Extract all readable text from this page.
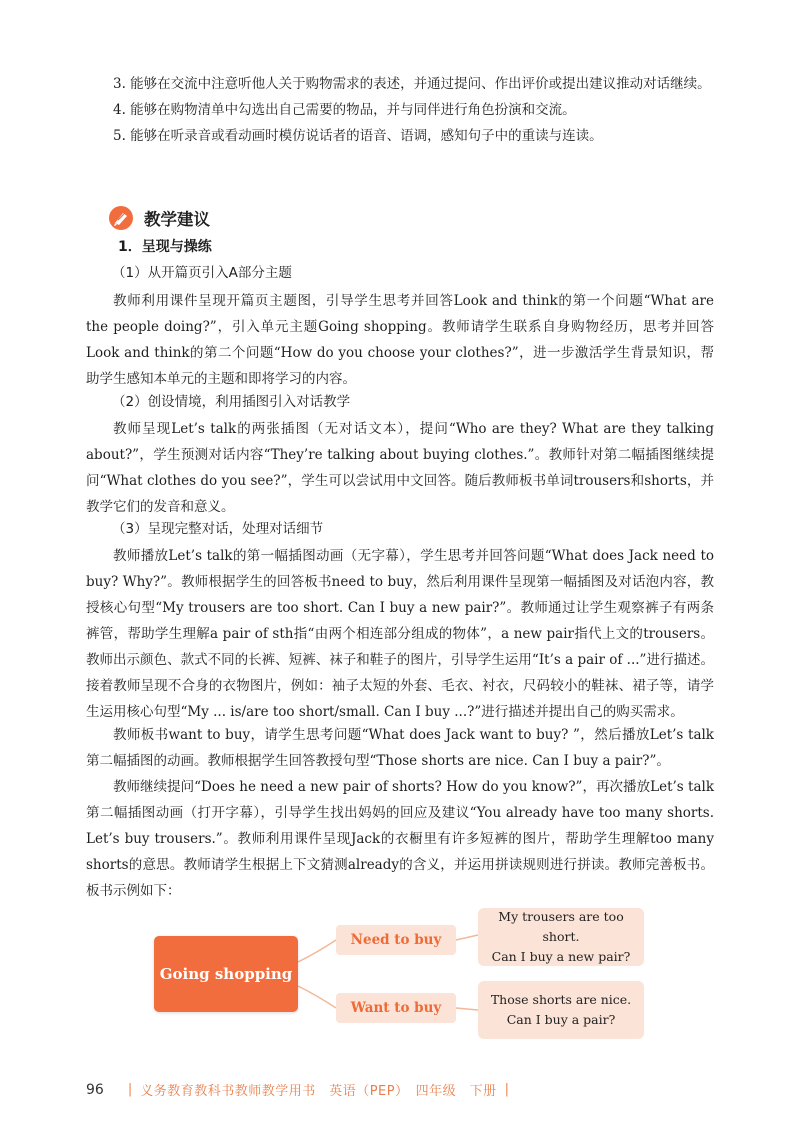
3. 能够在交流中注意听他人关于购物需求的表述，并通过提问、作出评价或提出建议推动对话继续。

4. 能够在购物清单中勾选出自己需要的物品，并与同伴进行角色扮演和交流。

5. 能够在听录音或看动画时模仿说话者的语音、语调，感知句子中的重读与连读。

教学建议
1．呈现与操练
（1）从开篇页引入A部分主题

教师利用课件呈现开篇页主题图，引导学生思考并回答Look and think的第一个问题“What are the people doing?”，引入单元主题Going shopping。教师请学生联系自身购物经历，思考并回答Look and think的第二个问题“How do you choose your clothes?”，进一步激活学生背景知识，帮助学生感知本单元的主题和即将学习的内容。

（2）创设情境，利用插图引入对话教学

教师呈现Let’s talk的两张插图（无对话文本），提问“Who are they? What are they talking about?”，学生预测对话内容“They’re talking about buying clothes.”。教师针对第二幅插图继续提问“What clothes do you see?”，学生可以尝试用中文回答。随后教师板书单词trousers和shorts，并教学它们的发音和意义。

（3）呈现完整对话，处理对话细节

教师播放Let’s talk的第一幅插图动画（无字幕），学生思考并回答问题“What does Jack need to buy? Why?”。教师根据学生的回答板书need to buy，然后利用课件呈现第一幅插图及对话泡内容，教授核心句型“My trousers are too short. Can I buy a new pair?”。教师通过让学生观察裤子有两条裤管，帮助学生理解a pair of sth指“由两个相连部分组成的物体”，a new pair指代上文的trousers。教师出示颜色、款式不同的长裤、短裤、袜子和鞋子的图片，引导学生运用“It’s a pair of ...”进行描述。接着教师呈现不合身的衣物图片，例如：袖子太短的外套、毛衣、衬衣，尺码较小的鞋袜、裙子等，请学生运用核心句型“My ... is/are too short/small. Can I buy ...?”进行描述并提出自己的购买需求。

教师板书want to buy，请学生思考问题“What does Jack want to buy? ”，然后播放Let’s talk第二幅插图的动画。教师根据学生回答教授句型“Those shorts are nice. Can I buy a pair?”。

教师继续提问“Does he need a new pair of shorts? How do you know?”，再次播放Let’s talk第二幅插图动画（打开字幕），引导学生找出妈妈的回应及建议“You already have too many shorts. Let’s buy trousers.”。教师利用课件呈现Jack的衣橱里有许多短裤的图片，帮助学生理解too many shorts的意思。教师请学生根据上下文猜测already的含义，并运用拼读规则进行拼读。教师完善板书。板书示例如下：

Going shopping
Need to buy
My trousers are too short.
Can I buy a new pair?
Want to buy
Those shorts are nice.
Can I buy a pair?
96 | 义务教育教科书教师教学用书　英语（PEP）　四年级　下册 |
